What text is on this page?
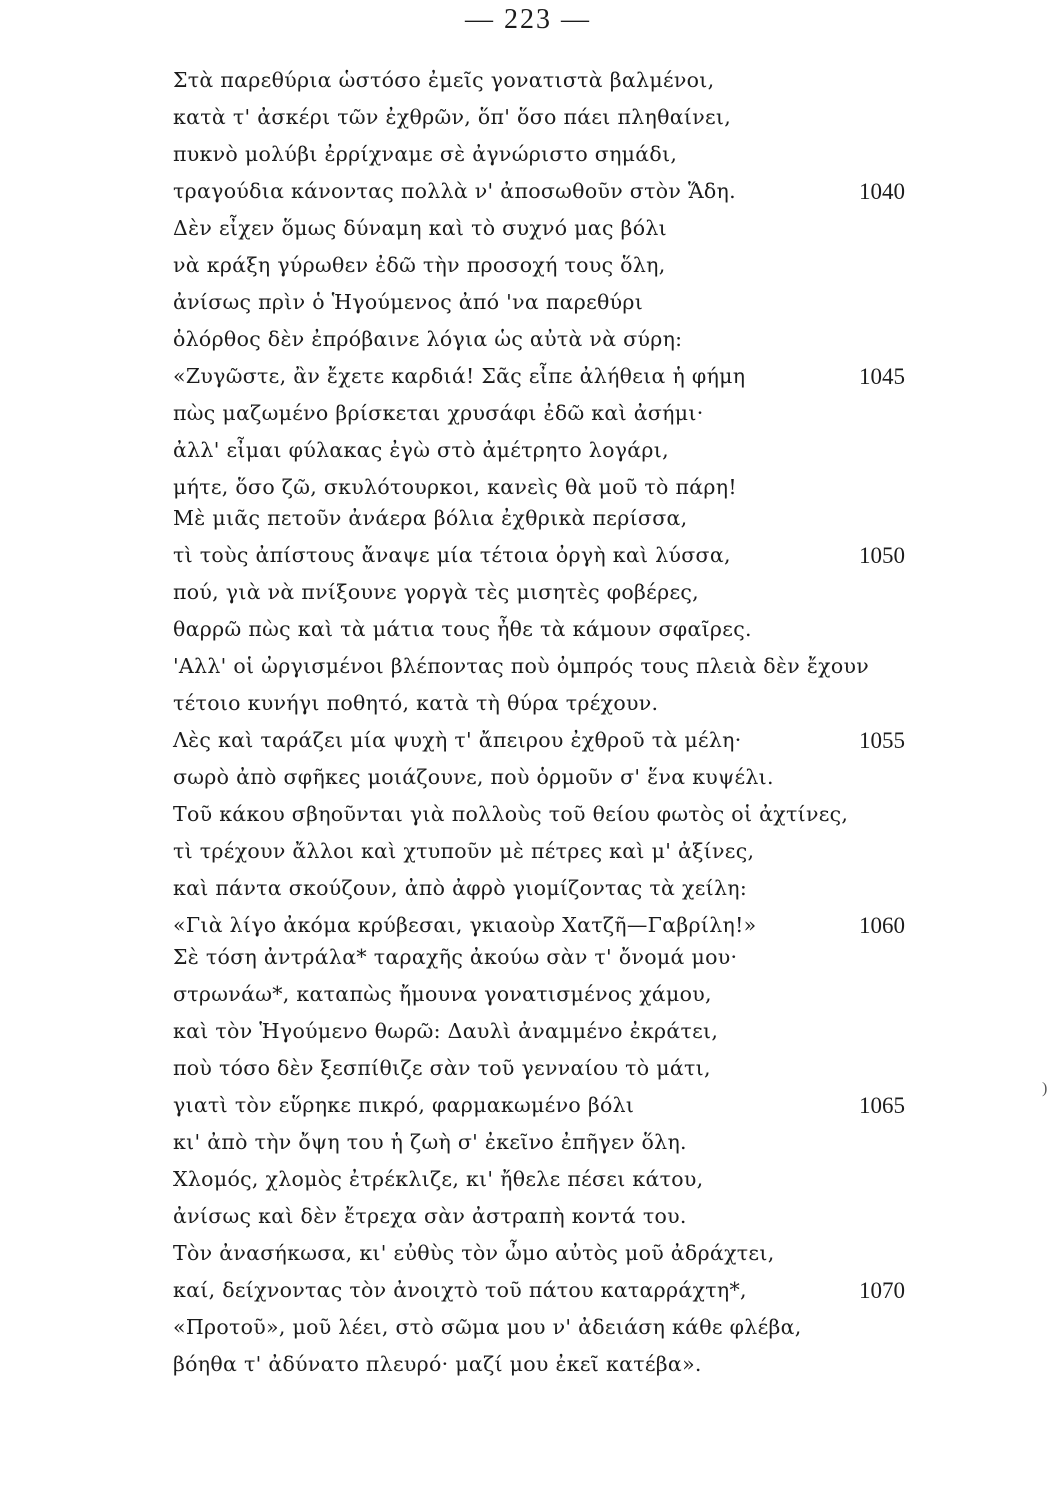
— 223 —
Στὰ παρεθύρια ὡστόσο ἐμεῖς γονατιστὰ βαλμένοι,
κατὰ τ' ἀσκέρι τῶν ἐχθρῶν, ὅπ' ὅσο πάει πληθαίνει,
πυκνὸ μολύβι ἐρρίχναμε σὲ ἀγνώριστο σημάδι,
τραγούδια κάνοντας πολλὰ ν' ἀποσωθοῦν στὸν Ἅδη.	1040
Δὲν εἶχεν ὅμως δύναμη καὶ τὸ συχνό μας βόλι
νὰ κράξη γύρωθεν ἐδῶ τὴν προσοχή τους ὅλη,
ἀνίσως πρὶν ὁ Ἡγούμενος ἀπό 'να παρεθύρι
ὁλόρθος δὲν ἐπρόβαινε λόγια ὡς αὐτὰ νὰ σύρη:
«Ζυγῶστε, ἂν ἔχετε καρδιά! Σᾶς εἶπε ἀλήθεια ἡ φήμη	1045
πὼς μαζωμένο βρίσκεται χρυσάφι ἐδῶ καὶ ἀσήμι·
ἀλλ' εἶμαι φύλακας ἐγὼ στὸ ἀμέτρητο λογάρι,
μήτε, ὅσο ζῶ, σκυλότουρκοι, κανεὶς θὰ μοῦ τὸ πάρη!
Μὲ μιᾶς πετοῦν ἀνάερα βόλια ἐχθρικὰ περίσσα,
τὶ τοὺς ἀπίστους ἄναψε μία τέτοια ὀργὴ καὶ λύσσα,	1050
πού, γιὰ νὰ πνίξουνε γοργὰ τὲς μισητὲς φοβέρες,
θαρρῶ πὼς καὶ τὰ μάτια τους ἦθε τὰ κάμουν σφαῖρες.
'Αλλ' οἱ ὠργισμένοι βλέποντας ποὺ ὀμπρός τους πλειὰ δὲν ἔχουν
τέτοιο κυνήγι ποθητό, κατὰ τὴ θύρα τρέχουν.
Λὲς καὶ ταράζει μία ψυχὴ τ' ἄπειρου ἐχθροῦ τὰ μέλη·	1055
σωρὸ ἀπὸ σφῆκες μοιάζουνε, ποὺ ὁρμοῦν σ' ἕνα κυψέλι.
Τοῦ κάκου σβηοῦνται γιὰ πολλοὺς τοῦ θείου φωτὸς οἱ ἀχτίνες,
τὶ τρέχουν ἄλλοι καὶ χτυποῦν μὲ πέτρες καὶ μ' ἀξίνες,
καὶ πάντα σκούζουν, ἀπὸ ἀφρὸ γιομίζοντας τὰ χείλη:
«Γιὰ λίγο ἀκόμα κρύβεσαι, γκιαοὺρ Χατζῆ—Γαβρίλη!»	1060
Σὲ τόση ἀντράλα* ταραχῆς ἀκούω σὰν τ' ὄνομά μου·
στρωνάω*, καταπὼς ἤμουνα γονατισμένος χάμου,
καὶ τὸν Ἡγούμενο θωρῶ: Δαυλὶ ἀναμμένο ἐκράτει,
ποὺ τόσο δὲν ξεσπίθιζε σὰν τοῦ γενναίου τὸ μάτι,
γιατὶ τὸν εὕρηκε πικρό, φαρμακωμένο βόλι	1065
κι' ἀπὸ τὴν ὄψη του ἡ ζωὴ σ' ἐκεῖνο ἐπῆγεν ὅλη.
Χλομός, χλομὸς ἐτρέκλιζε, κι' ἤθελε πέσει κάτου,
ἀνίσως καὶ δὲν ἔτρεχα σὰν ἀστραπὴ κοντά του.
Τὸν ἀνασήκωσα, κι' εὐθὺς τὸν ὦμο αὐτὸς μοῦ ἀδράχτει,
καί, δείχνοντας τὸν ἀνοιχτὸ τοῦ πάτου καταρράχτη*,	1070
«Προτοῦ», μοῦ λέει, στὸ σῶμα μου ν' ἀδειάση κάθε φλέβα,
βόηθα τ' ἀδύνατο πλευρό· μαζί μου ἐκεῖ κατέβα».
)
